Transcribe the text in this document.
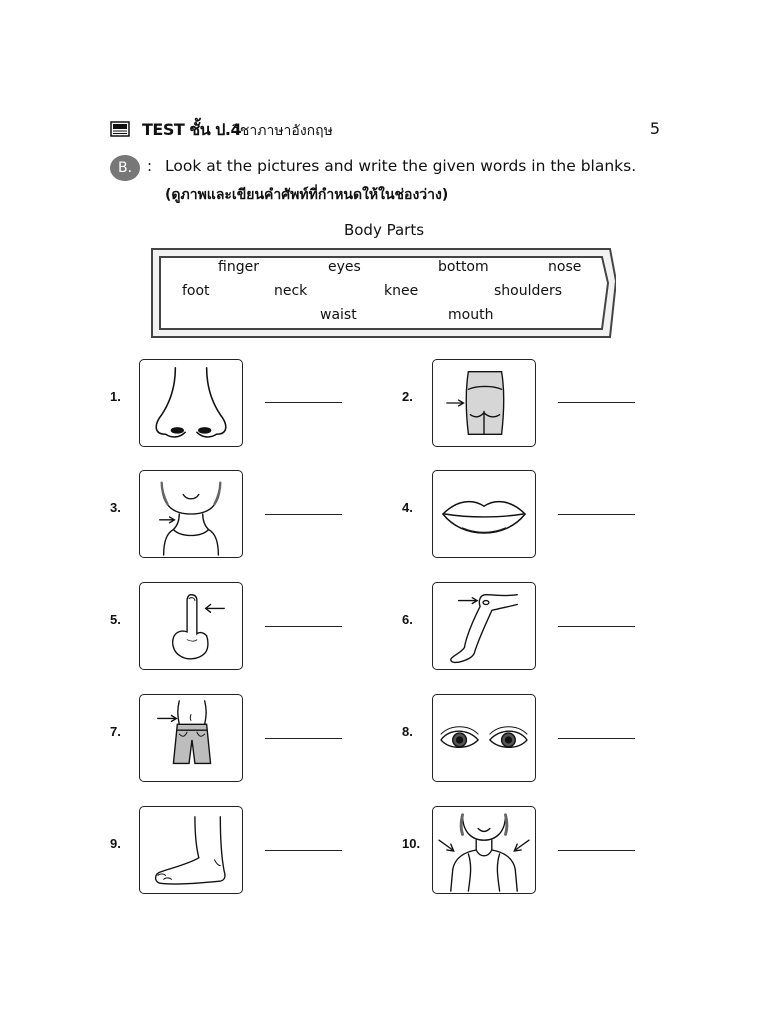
TEST ชั้น ป.4
วิชาภาษาอังกฤษ	5
B. : Look at the pictures and write the given words in the blanks.
(ดูภาพและเขียนคำศัพท์ที่กำหนดให้ในช่องว่าง)
Body Parts
finger	eyes	bottom	nose
foot	neck	knee	shoulders
waist	mouth
1.	2.
3.	4.
5.	6.
7.	8.
9.	10.
